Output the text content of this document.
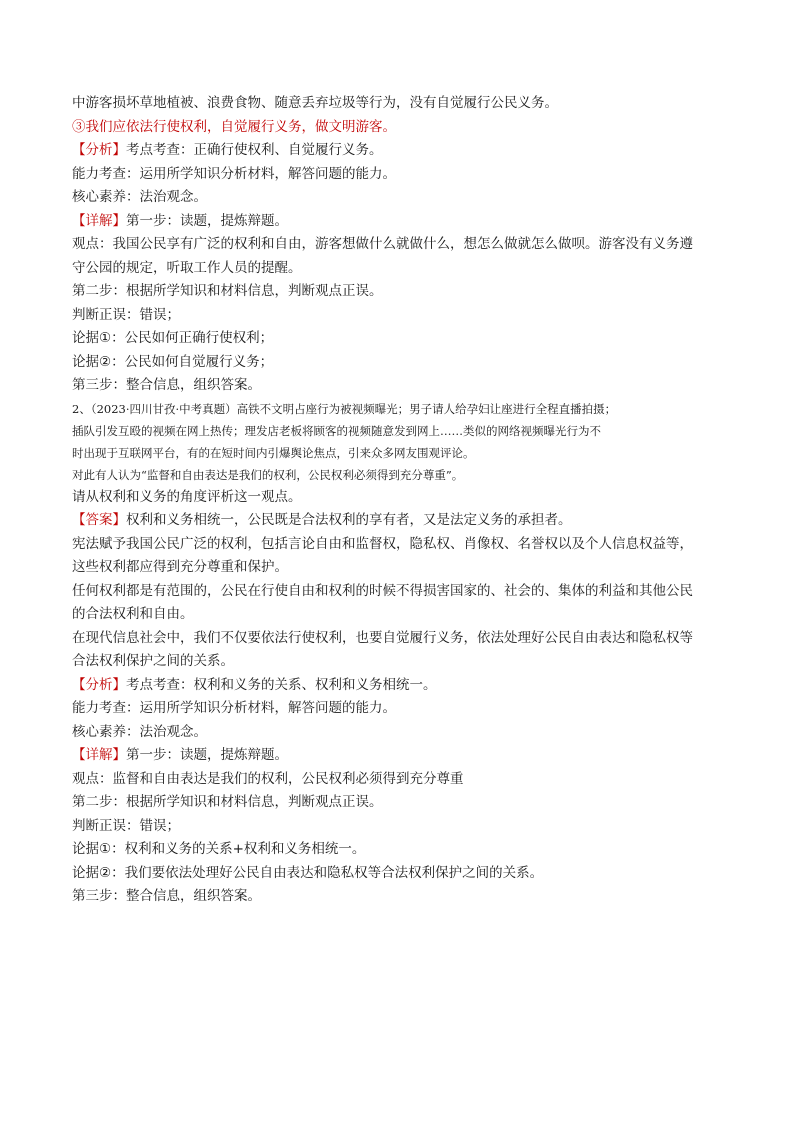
中游客损坏草地植被、浪费食物、随意丢弃垃圾等行为，没有自觉履行公民义务。
③我们应依法行使权利，自觉履行义务，做文明游客。
【分析】考点考查：正确行使权利、自觉履行义务。
能力考查：运用所学知识分析材料，解答问题的能力。
核心素养：法治观念。
【详解】第一步：读题，提炼辩题。
观点：我国公民享有广泛的权利和自由，游客想做什么就做什么，想怎么做就怎么做呗。游客没有义务遵
守公园的规定，听取工作人员的提醒。
第二步：根据所学知识和材料信息，判断观点正误。
判断正误：错误；
论据①：公民如何正确行使权利；
论据②：公民如何自觉履行义务；
第三步：整合信息，组织答案。
2、（2023·四川甘孜·中考真题）高铁不文明占座行为被视频曝光；男子请人给孕妇让座进行全程直播拍摄；
插队引发互殴的视频在网上热传；理发店老板将顾客的视频随意发到网上……类似的网络视频曝光行为不
时出现于互联网平台，有的在短时间内引爆舆论焦点，引来众多网友围观评论。
对此有人认为“监督和自由表达是我们的权利，公民权利必须得到充分尊重”。
请从权利和义务的角度评析这一观点。
【答案】权利和义务相统一，公民既是合法权利的享有者，又是法定义务的承担者。
宪法赋予我国公民广泛的权利，包括言论自由和监督权，隐私权、肖像权、名誉权以及个人信息权益等，
这些权利都应得到充分尊重和保护。
任何权利都是有范围的，公民在行使自由和权利的时候不得损害国家的、社会的、集体的利益和其他公民
的合法权利和自由。
在现代信息社会中，我们不仅要依法行使权利，也要自觉履行义务，依法处理好公民自由表达和隐私权等
合法权利保护之间的关系。
【分析】考点考查：权利和义务的关系、权利和义务相统一。
能力考查：运用所学知识分析材料，解答问题的能力。
核心素养：法治观念。
【详解】第一步：读题，提炼辩题。
观点：监督和自由表达是我们的权利，公民权利必须得到充分尊重
第二步：根据所学知识和材料信息，判断观点正误。
判断正误：错误；
论据①：权利和义务的关系+权利和义务相统一。
论据②：我们要依法处理好公民自由表达和隐私权等合法权利保护之间的关系。
第三步：整合信息，组织答案。
